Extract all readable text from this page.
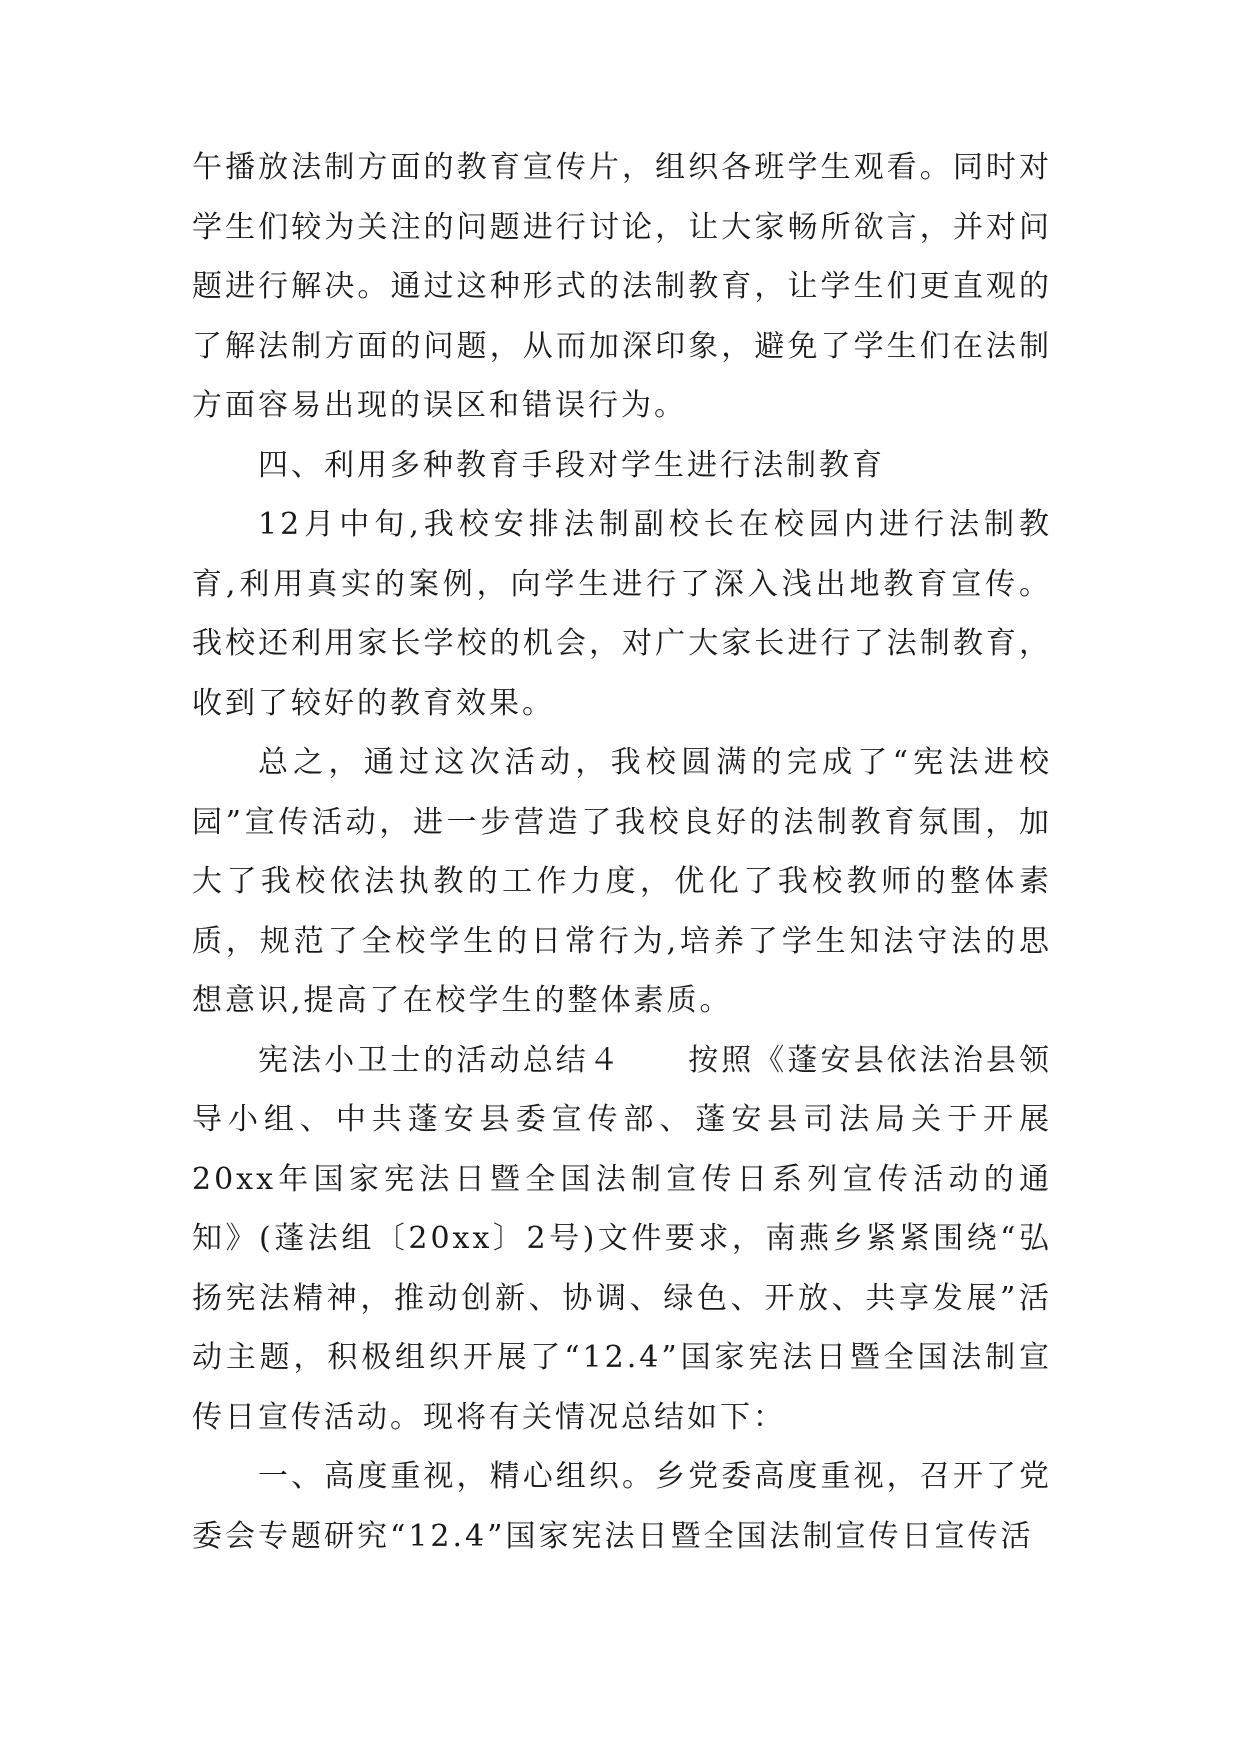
午播放法制方面的教育宣传片，组织各班学生观看。同时对学生们较为关注的问题进行讨论，让大家畅所欲言，并对问题进行解决。通过这种形式的法制教育，让学生们更直观的了解法制方面的问题，从而加深印象，避免了学生们在法制方面容易出现的误区和错误行为。

四、利用多种教育手段对学生进行法制教育

12月中旬,我校安排法制副校长在校园内进行法制教育,利用真实的案例，向学生进行了深入浅出地教育宣传。我校还利用家长学校的机会，对广大家长进行了法制教育，收到了较好的教育效果。

总之，通过这次活动，我校圆满的完成了“宪法进校园”宣传活动，进一步营造了我校良好的法制教育氛围，加大了我校依法执教的工作力度，优化了我校教师的整体素质，规范了全校学生的日常行为,培养了学生知法守法的思想意识,提高了在校学生的整体素质。

宪法小卫士的活动总结４　　按照《蓬安县依法治县领导小组、中共蓬安县委宣传部、蓬安县司法局关于开展20xx年国家宪法日暨全国法制宣传日系列宣传活动的通知》(蓬法组〔20xx〕2号)文件要求，南燕乡紧紧围绕“弘扬宪法精神，推动创新、协调、绿色、开放、共享发展”活动主题，积极组织开展了“12.4”国家宪法日暨全国法制宣传日宣传活动。现将有关情况总结如下：

一、高度重视，精心组织。乡党委高度重视，召开了党委会专题研究“12.4”国家宪法日暨全国法制宣传日宣传活
